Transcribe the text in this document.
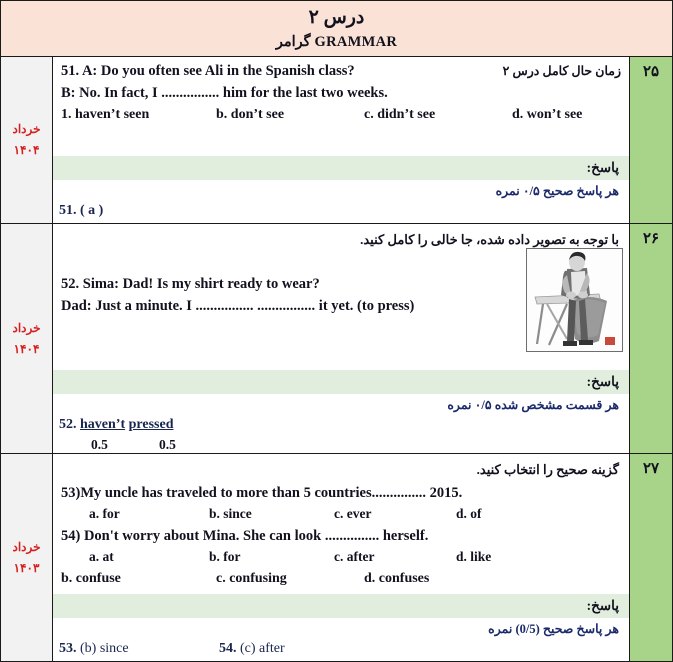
درس ۲
GRAMMAR گرامر
خرداد
۱۴۰۴
51. A: Do you often see Ali in the Spanish class?	زمان حال کامل درس ۲
B: No. In fact, I ................ him for the last two weeks.
1. haven’t seen	b. don’t see	c. didn’t see	d. won’t see
پاسخ:
هر پاسخ صحیح ۰/۵ نمره
51. ( a )
۲۵
خرداد
۱۴۰۴
با توجه به تصویر داده شده، جا خالی را کامل کنید.
52. Sima: Dad! Is my shirt ready to wear?
Dad: Just a minute. I ................ ................ it yet. (to press)
پاسخ:
هر قسمت مشخص شده ۰/۵ نمره
52. haven’t pressed
0.5	0.5
۲۶
خرداد
۱۴۰۳
گزینه صحیح را انتخاب کنید.
53)My uncle has traveled to more than 5 countries............... 2015.
a. for	b. since	c. ever	d. of
54) Don't worry about Mina. She can look ............... herself.
a. at	b. for	c. after	d. like
b. confuse	c. confusing	d. confuses
پاسخ:
هر پاسخ صحیح (0/5) نمره
53. (b) since	54. (c) after
۲۷
